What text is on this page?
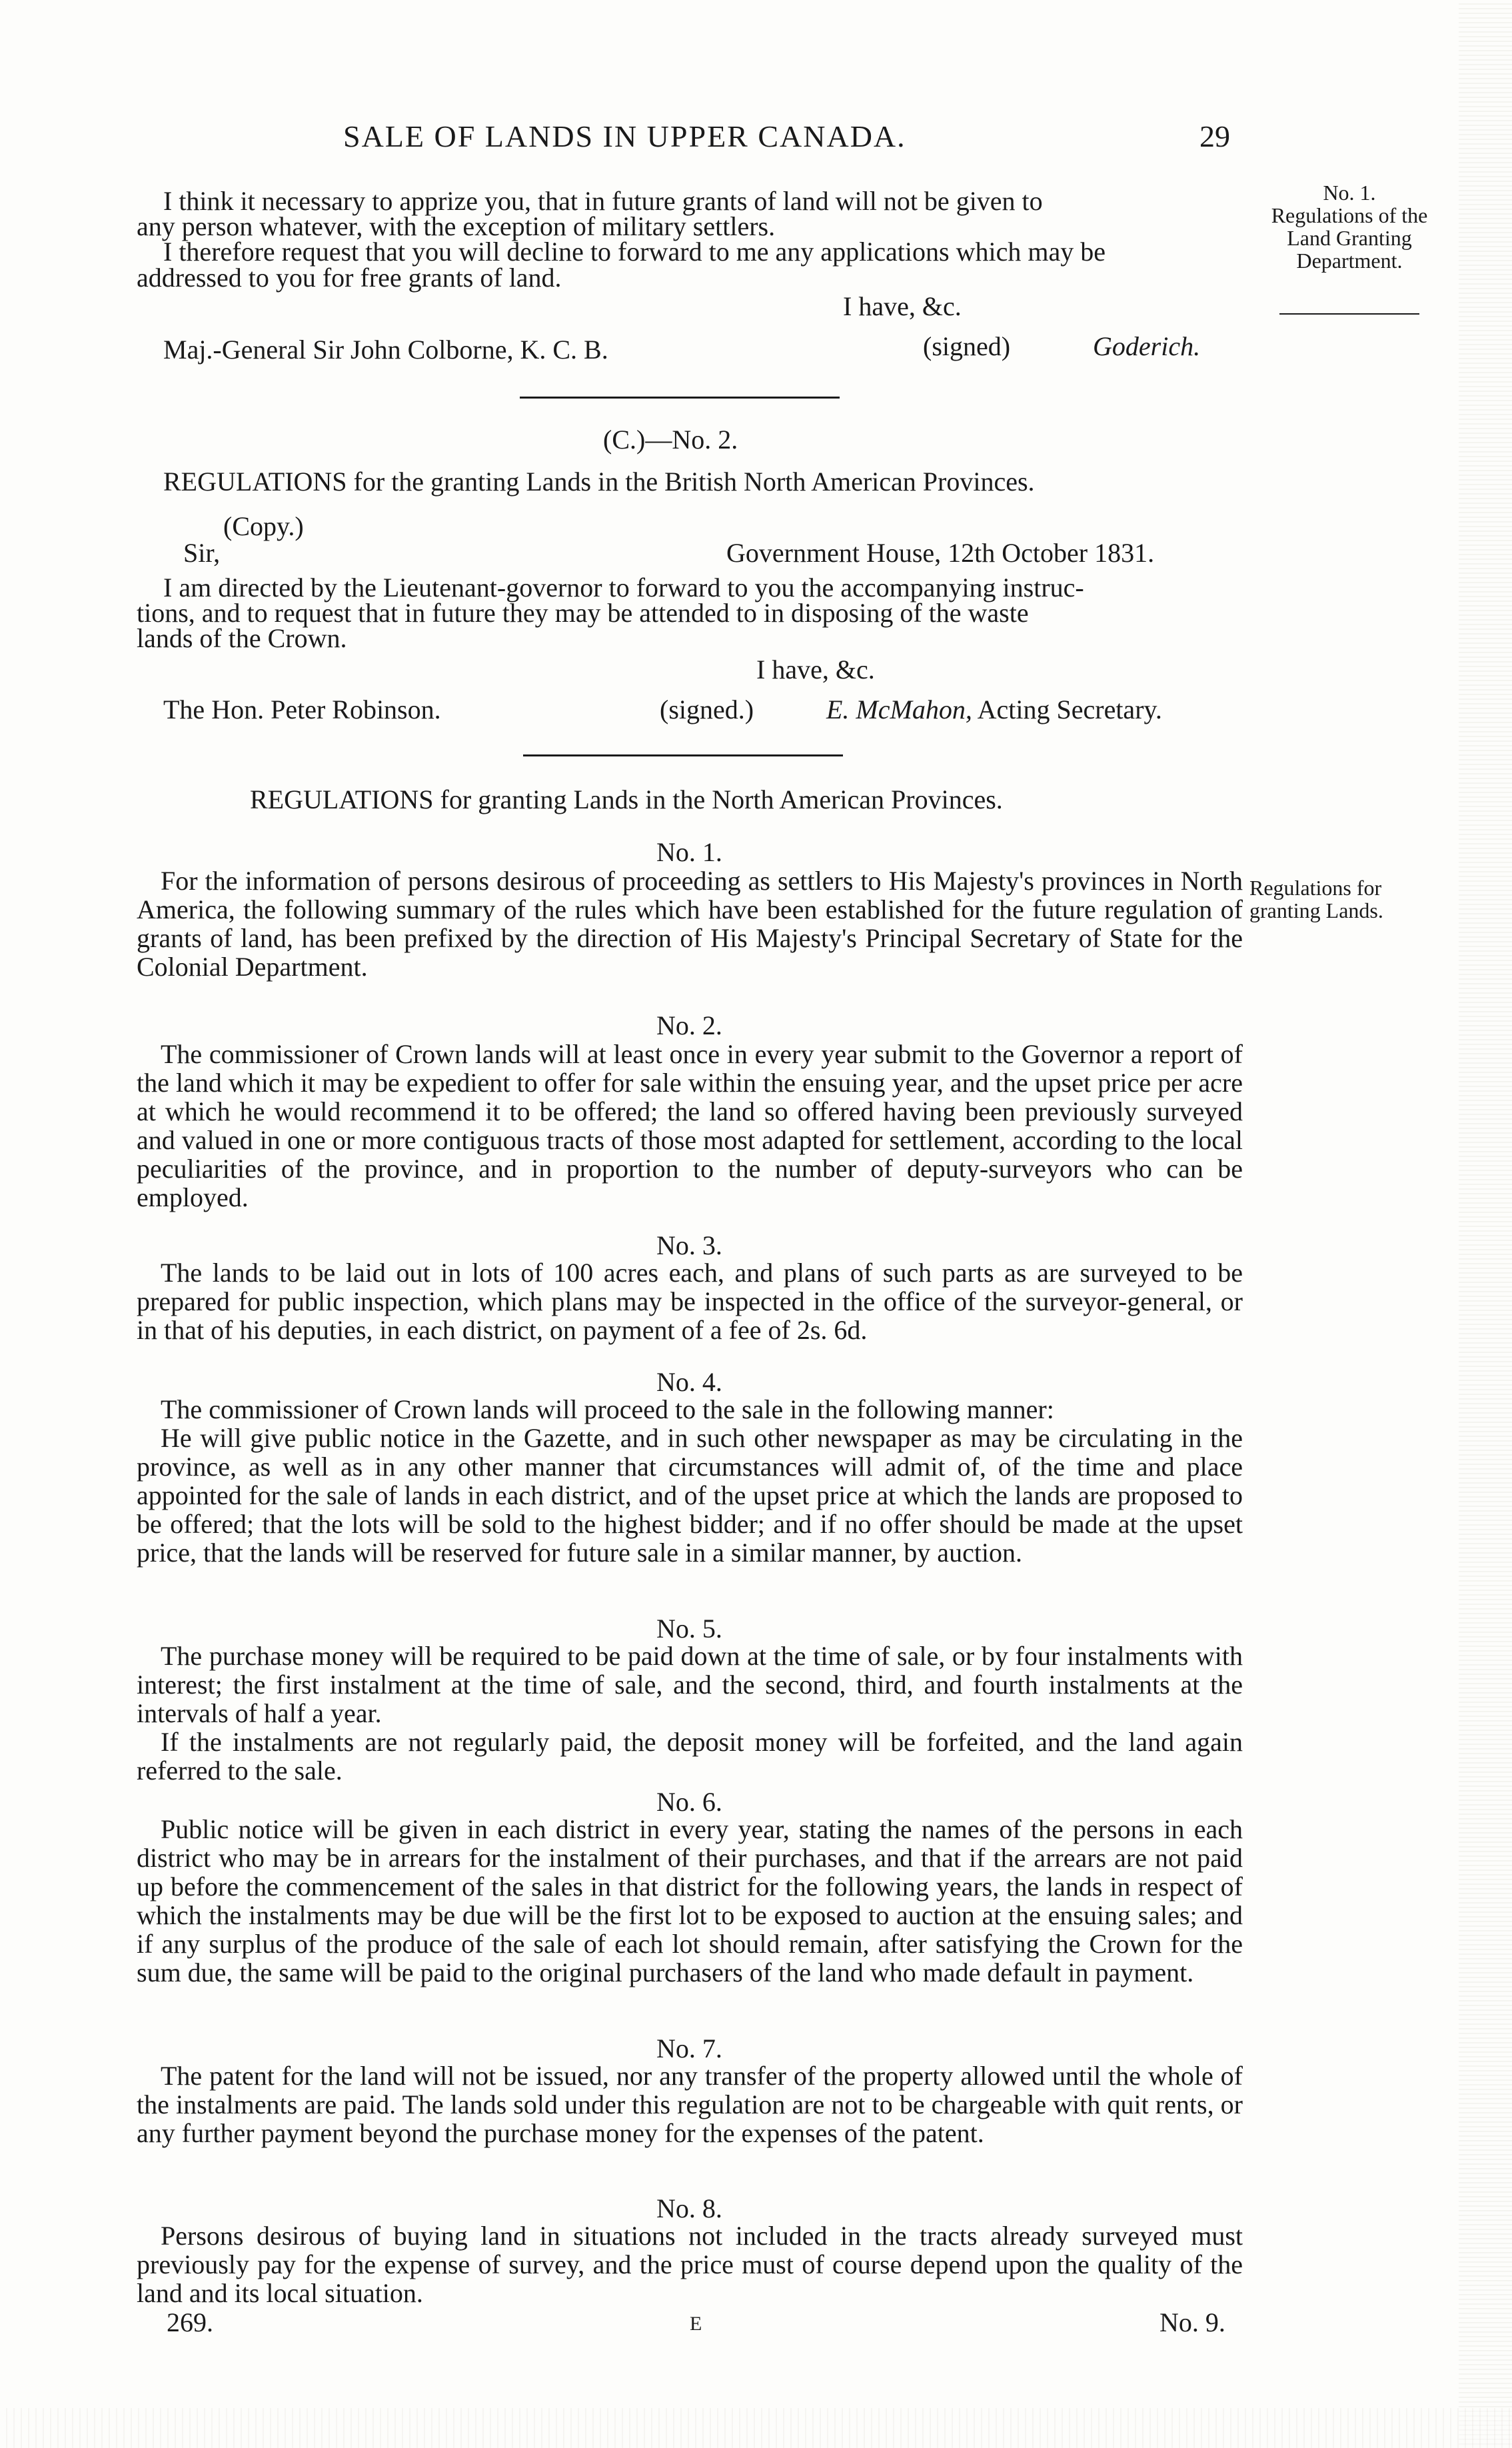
SALE OF LANDS IN UPPER CANADA.	29
No. 1.
Regulations of the
Land Granting
Department.
I think it necessary to apprize you, that in future grants of land will not be given to
any person whatever, with the exception of military settlers.
I therefore request that you will decline to forward to me any applications which may be
addressed to you for free grants of land.
I have, &c.
Maj.-General Sir John Colborne, K. C. B.	(signed)	Goderich.
(C.)—No. 2.
REGULATIONS for the granting Lands in the British North American Provinces.
(Copy.)
Sir,	Government House, 12th October 1831.
I am directed by the Lieutenant-governor to forward to you the accompanying instruc-
tions, and to request that in future they may be attended to in disposing of the waste
lands of the Crown.
I have, &c.
The Hon. Peter Robinson.	(signed.)	E. McMahon, Acting Secretary.
REGULATIONS for granting Lands in the North American Provinces.
Regulations for
granting Lands.
No. 1.

For the information of persons desirous of proceeding as settlers to His Majesty's provinces in North America, the following summary of the rules which have been established for the future regulation of grants of land, has been prefixed by the direction of His Majesty's Principal Secretary of State for the Colonial Department.

No. 2.

The commissioner of Crown lands will at least once in every year submit to the Governor a report of the land which it may be expedient to offer for sale within the ensuing year, and the upset price per acre at which he would recommend it to be offered; the land so offered having been previously surveyed and valued in one or more contiguous tracts of those most adapted for settlement, according to the local peculiarities of the province, and in proportion to the number of deputy-surveyors who can be employed.

No. 3.

The lands to be laid out in lots of 100 acres each, and plans of such parts as are surveyed to be prepared for public inspection, which plans may be inspected in the office of the surveyor-general, or in that of his deputies, in each district, on payment of a fee of 2s. 6d.

No. 4.

The commissioner of Crown lands will proceed to the sale in the following manner:

He will give public notice in the Gazette, and in such other newspaper as may be circulating in the province, as well as in any other manner that circumstances will admit of, of the time and place appointed for the sale of lands in each district, and of the upset price at which the lands are proposed to be offered; that the lots will be sold to the highest bidder; and if no offer should be made at the upset price, that the lands will be reserved for future sale in a similar manner, by auction.

No. 5.

The purchase money will be required to be paid down at the time of sale, or by four instalments with interest; the first instalment at the time of sale, and the second, third, and fourth instalments at the intervals of half a year.

If the instalments are not regularly paid, the deposit money will be forfeited, and the land again referred to the sale.

No. 6.

Public notice will be given in each district in every year, stating the names of the persons in each district who may be in arrears for the instalment of their purchases, and that if the arrears are not paid up before the commencement of the sales in that district for the following years, the lands in respect of which the instalments may be due will be the first lot to be exposed to auction at the ensuing sales; and if any surplus of the produce of the sale of each lot should remain, after satisfying the Crown for the sum due, the same will be paid to the original purchasers of the land who made default in payment.

No. 7.

The patent for the land will not be issued, nor any transfer of the property allowed until the whole of the instalments are paid. The lands sold under this regulation are not to be chargeable with quit rents, or any further payment beyond the purchase money for the expenses of the patent.

No. 8.

Persons desirous of buying land in situations not included in the tracts already surveyed must previously pay for the expense of survey, and the price must of course depend upon the quality of the land and its local situation.

269.	E	No. 9.
